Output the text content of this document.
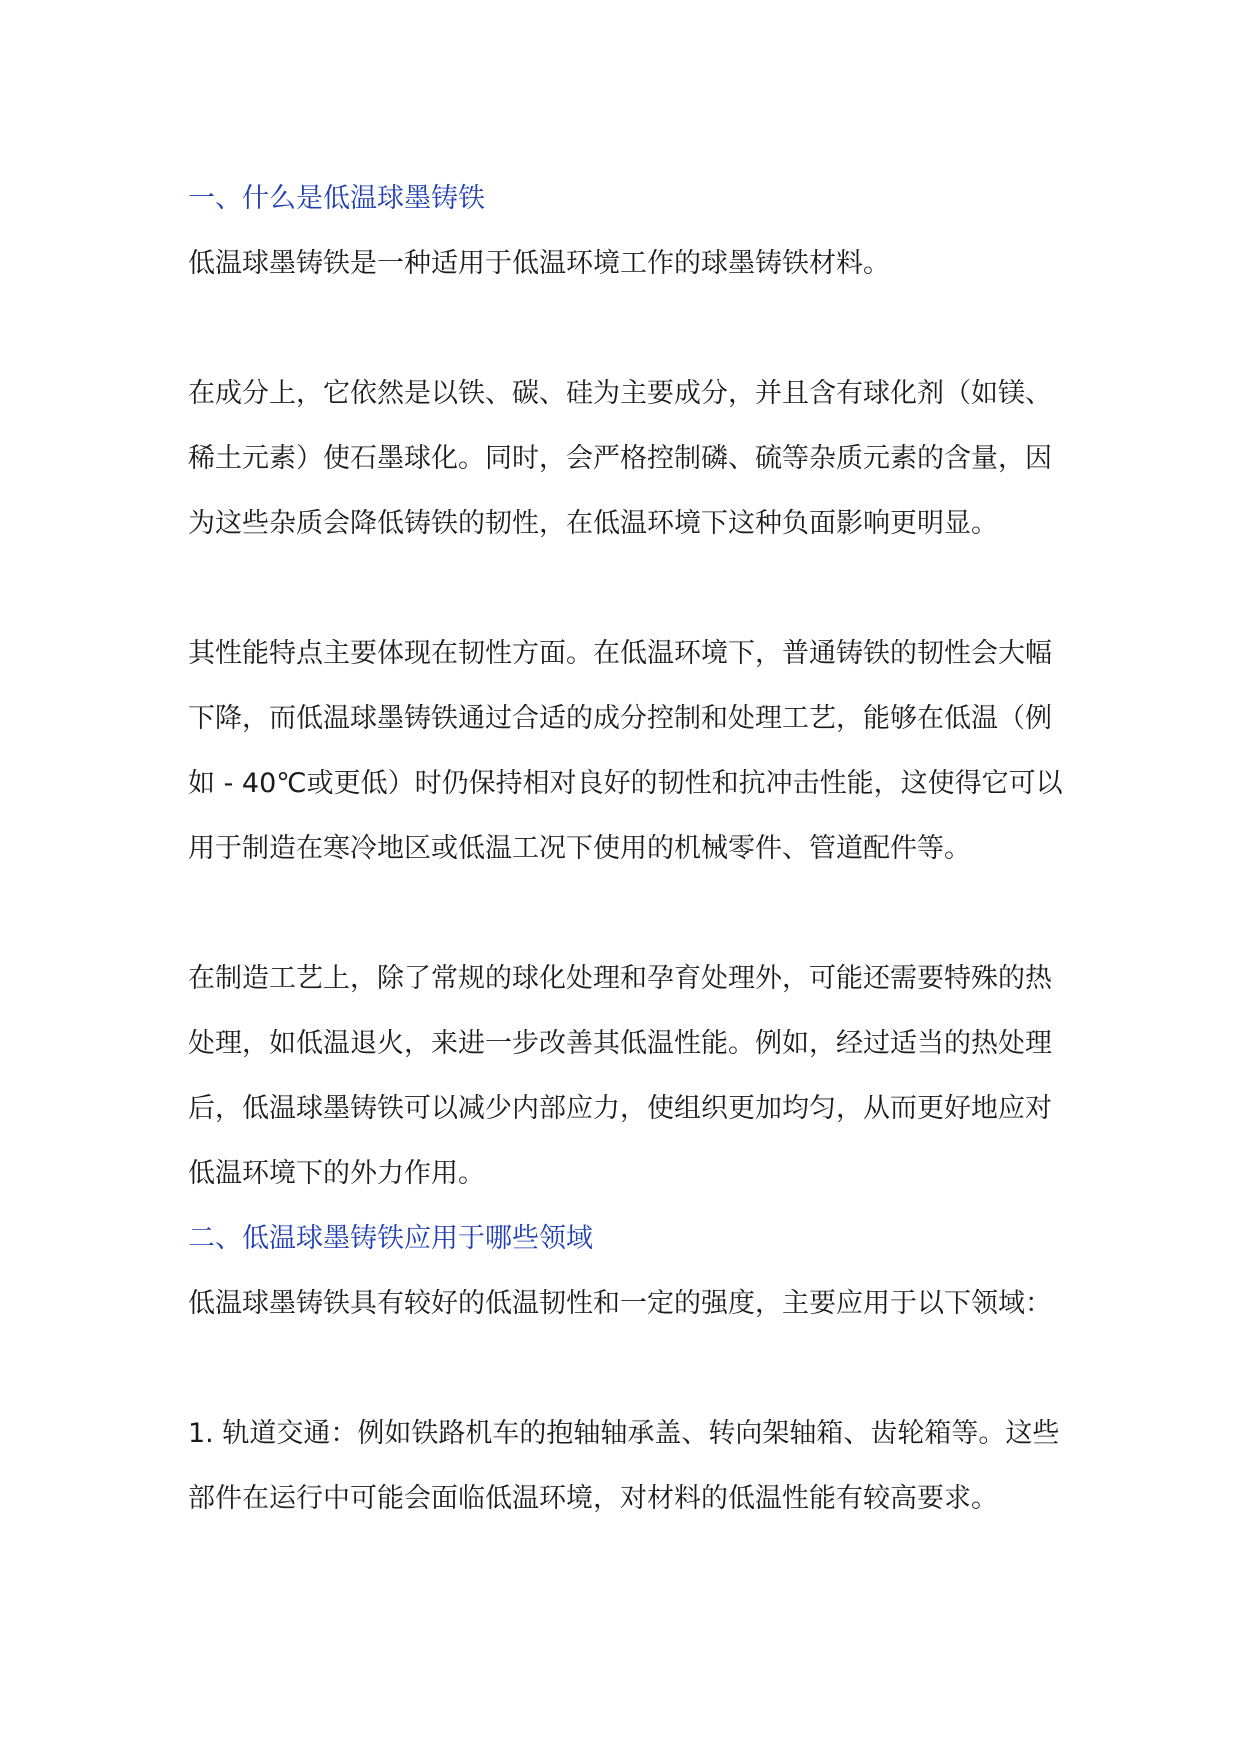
一、什么是低温球墨铸铁

低温球墨铸铁是一种适用于低温环境工作的球墨铸铁材料。

在成分上，它依然是以铁、碳、硅为主要成分，并且含有球化剂（如镁、稀土元素）使石墨球化。同时，会严格控制磷、硫等杂质元素的含量，因为这些杂质会降低铸铁的韧性，在低温环境下这种负面影响更明显。

其性能特点主要体现在韧性方面。在低温环境下，普通铸铁的韧性会大幅下降，而低温球墨铸铁通过合适的成分控制和处理工艺，能够在低温（例如 - 40℃或更低）时仍保持相对良好的韧性和抗冲击性能，这使得它可以用于制造在寒冷地区或低温工况下使用的机械零件、管道配件等。

在制造工艺上，除了常规的球化处理和孕育处理外，可能还需要特殊的热处理，如低温退火，来进一步改善其低温性能。例如，经过适当的热处理后，低温球墨铸铁可以减少内部应力，使组织更加均匀，从而更好地应对低温环境下的外力作用。

二、低温球墨铸铁应用于哪些领域

低温球墨铸铁具有较好的低温韧性和一定的强度，主要应用于以下领域：

1. 轨道交通：例如铁路机车的抱轴轴承盖、转向架轴箱、齿轮箱等。这些部件在运行中可能会面临低温环境，对材料的低温性能有较高要求。
